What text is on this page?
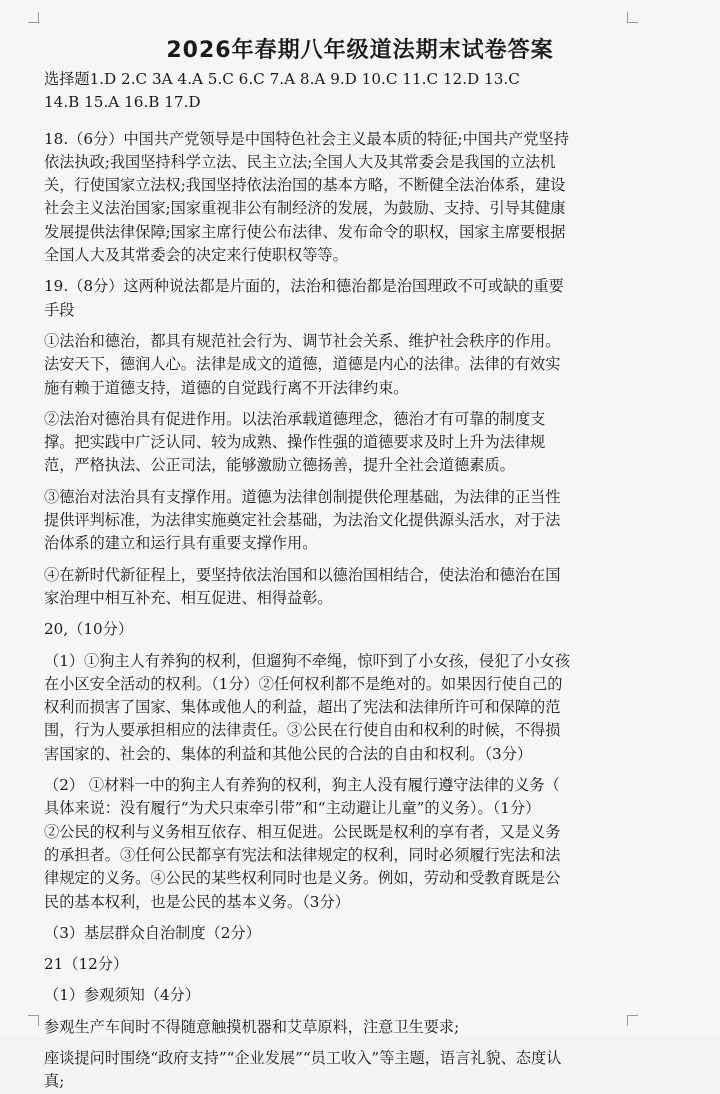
2026年春期八年级道法期末试卷答案

选择题1.D 2.C 3A 4.A 5.C 6.C 7.A 8.A 9.D 10.C 11.C 12.D 13.C

14.B 15.A 16.B 17.D

18.（6分）中国共产党领导是中国特色社会主义最本质的特征;中国共产党坚持

依法执政;我国坚持科学立法、民主立法;全国人大及其常委会是我国的立法机

关，行使国家立法权;我国坚持依法治国的基本方略，不断健全法治体系，建设

社会主义法治国家;国家重视非公有制经济的发展，为鼓励、支持、引导其健康

发展提供法律保障;国家主席行使公布法律、发布命令的职权，国家主席要根据

全国人大及其常委会的决定来行使职权等等。

19.（8分）这两种说法都是片面的，法治和德治都是治国理政不可或缺的重要

手段

①法治和德治，都具有规范社会行为、调节社会关系、维护社会秩序的作用。

法安天下，德润人心。法律是成文的道德，道德是内心的法律。法律的有效实

施有赖于道德支持，道德的自觉践行离不开法律约束。

②法治对德治具有促进作用。以法治承载道德理念，德治才有可靠的制度支

撑。把实践中广泛认同、较为成熟、操作性强的道德要求及时上升为法律规

范，严格执法、公正司法，能够激励立德扬善，提升全社会道德素质。

③德治对法治具有支撑作用。道德为法律创制提供伦理基础，为法律的正当性

提供评判标准，为法律实施奠定社会基础，为法治文化提供源头活水，对于法

治体系的建立和运行具有重要支撑作用。

④在新时代新征程上，要坚持依法治国和以德治国相结合，使法治和德治在国

家治理中相互补充、相互促进、相得益彰。

20,（10分）

（1）①狗主人有养狗的权利，但遛狗不牵绳，惊吓到了小女孩，侵犯了小女孩

在小区安全活动的权利。（1分）②任何权利都不是绝对的。如果因行使自己的

权利而损害了国家、集体或他人的利益，超出了宪法和法律所许可和保障的范

围，行为人要承担相应的法律责任。③公民在行使自由和权利的时候，不得损

害国家的、社会的、集体的利益和其他公民的合法的自由和权利。（3分）

（2） ①材料一中的狗主人有养狗的权利，狗主人没有履行遵守法律的义务（

具体来说：没有履行“为犬只束牵引带”和“主动避让儿童”的义务）。（1分）

②公民的权利与义务相互依存、相互促进。公民既是权利的享有者，又是义务

的承担者。③任何公民都享有宪法和法律规定的权利，同时必须履行宪法和法

律规定的义务。④公民的某些权利同时也是义务。例如，劳动和受教育既是公

民的基本权利，也是公民的基本义务。（3分）

（3）基层群众自治制度（2分）

21（12分）

（1）参观须知（4分）

参观生产车间时不得随意触摸机器和艾草原料，注意卫生要求;

座谈提问时围绕“政府支持”“企业发展”“员工收入”等主题，语言礼貌、态度认

真;
